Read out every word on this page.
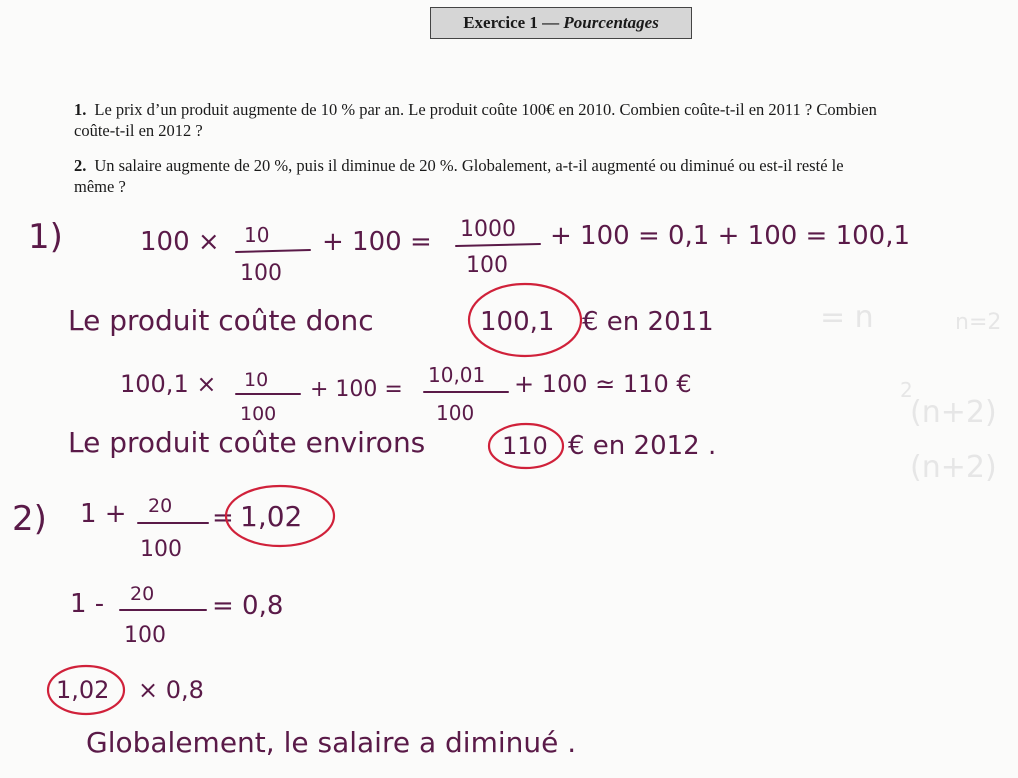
= n
(n+2)
(n+2)
2
n=2
Exercice 1 — Pourcentages

1. Le prix d’un produit augmente de 10 % par an. Le produit coûte 100€ en 2010. Combien coûte-t-il en 2011 ? Combien
coûte-t-il en 2012 ?

2. Un salaire augmente de 20 %, puis il diminue de 20 %. Globalement, a-t-il augmenté ou diminué ou est-il resté le
même ?

1)	100 × 10
100
+ 100 = 1000
100
+ 100 = 0,1 + 100 = 100,1
Le produit coûte donc	100,1 € en 2011
100,1 × 10
100
+ 100 =
10,01
100
+ 100 ≃ 110 €
Le produit coûte environs	110 € en 2012 .
2) 1 + 20
100
= 1,02
1 - 20
100
= 0,8
1,02 × 0,8
Globalement, le salaire a diminué .
